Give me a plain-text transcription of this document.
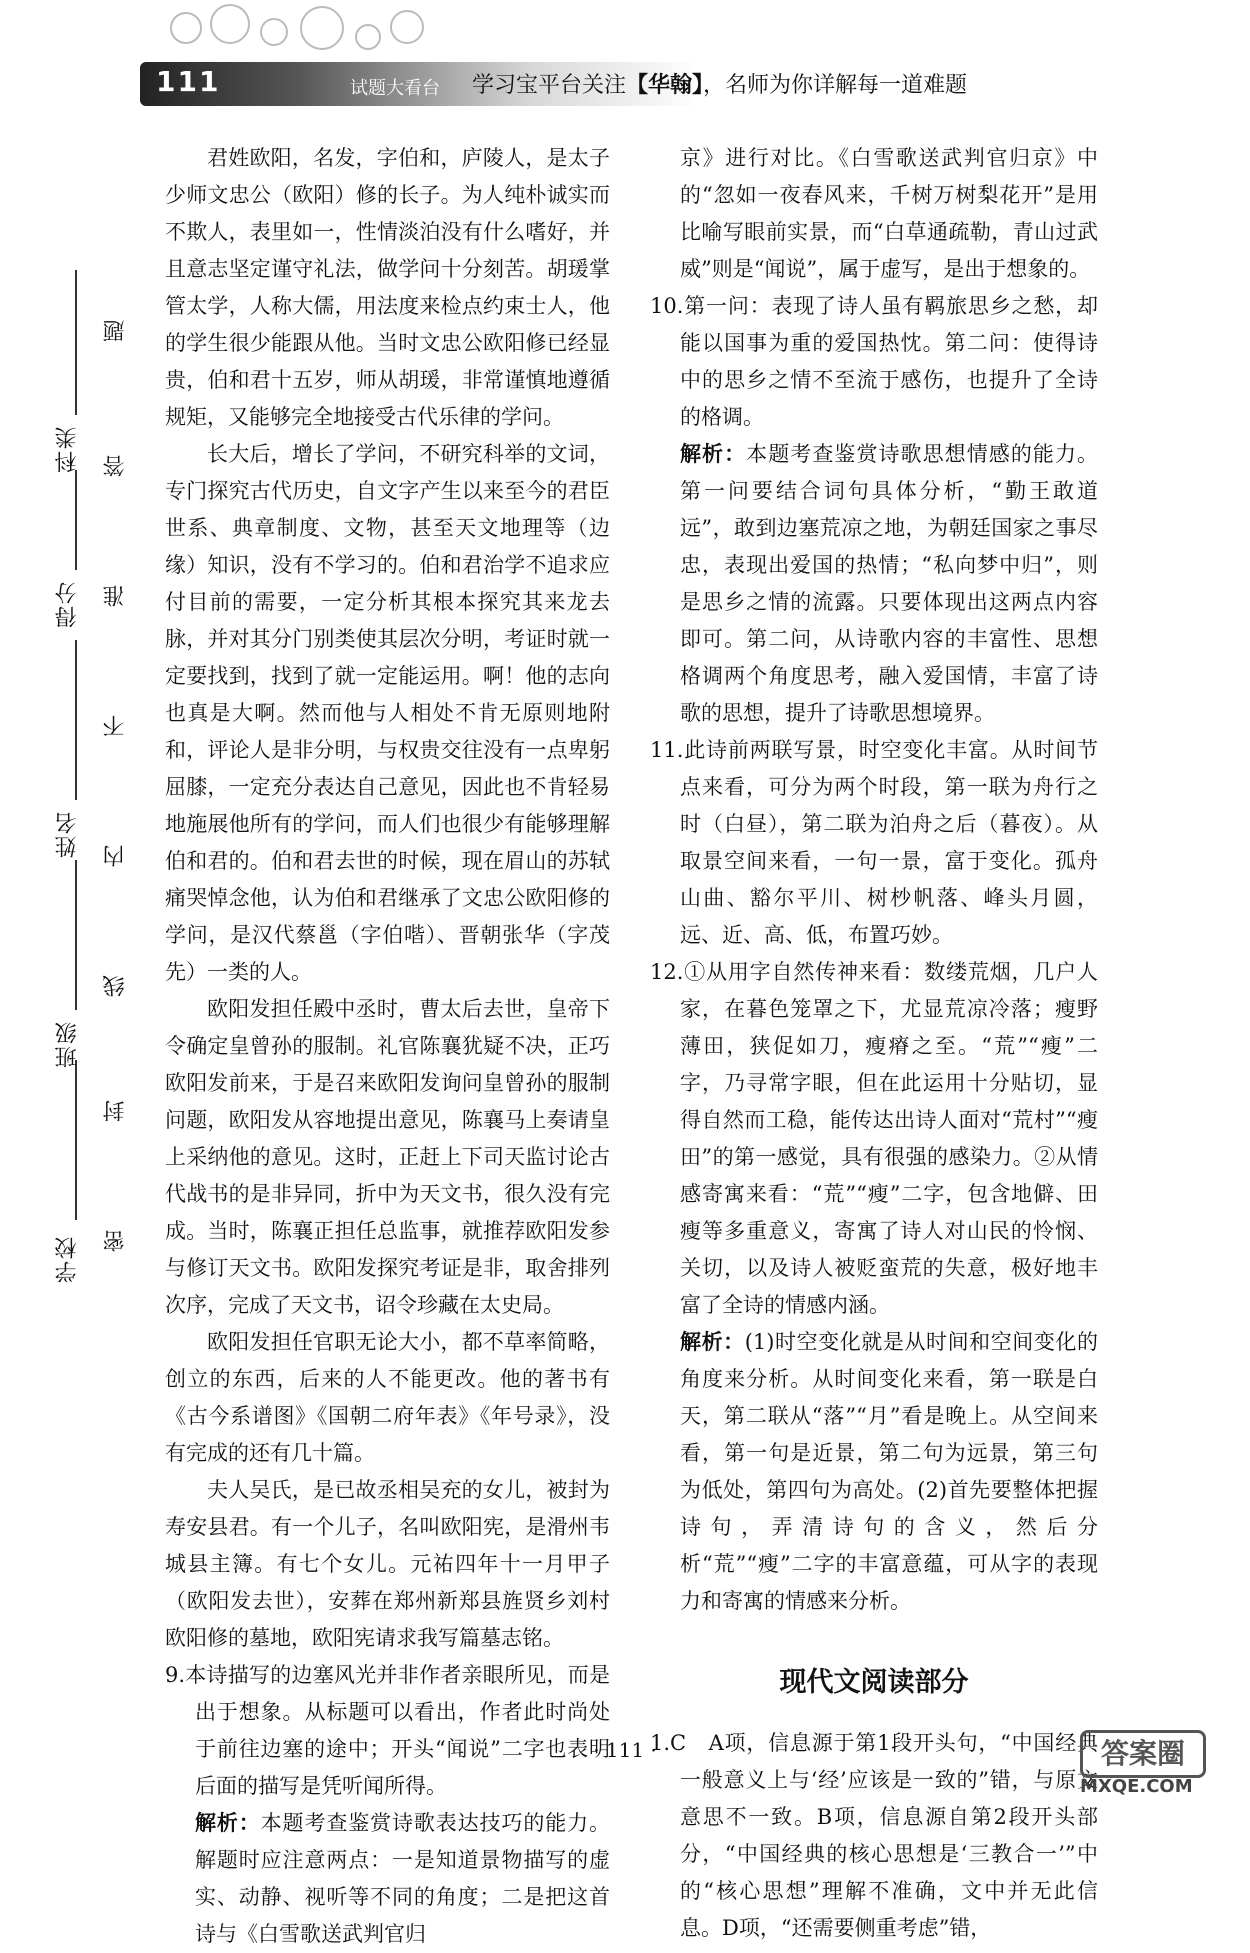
111	试题大看台 学习宝平台关注【华翰】，名师为你详解每一道难题
学校
班级
姓名
得分
科类
密
封
线
内
不
准
答
题

君姓欧阳，名发，字伯和，庐陵人，是太子少师文忠公（欧阳）修的长子。为人纯朴诚实而不欺人，表里如一，性情淡泊没有什么嗜好，并且意志坚定谨守礼法，做学问十分刻苦。胡瑗掌管太学，人称大儒，用法度来检点约束士人，他的学生很少能跟从他。当时文忠公欧阳修已经显贵，伯和君十五岁，师从胡瑗，非常谨慎地遵循规矩，又能够完全地接受古代乐律的学问。

长大后，增长了学问，不研究科举的文词，专门探究古代历史，自文字产生以来至今的君臣世系、典章制度、文物，甚至天文地理等（边缘）知识，没有不学习的。伯和君治学不追求应付目前的需要，一定分析其根本探究其来龙去脉，并对其分门别类使其层次分明，考证时就一定要找到，找到了就一定能运用。啊！他的志向也真是大啊。然而他与人相处不肯无原则地附和，评论人是非分明，与权贵交往没有一点卑躬屈膝，一定充分表达自己意见，因此也不肯轻易地施展他所有的学问，而人们也很少有能够理解伯和君的。伯和君去世的时候，现在眉山的苏轼痛哭悼念他，认为伯和君继承了文忠公欧阳修的学问，是汉代蔡邕（字伯喈）、晋朝张华（字茂先）一类的人。

欧阳发担任殿中丞时，曹太后去世，皇帝下令确定皇曾孙的服制。礼官陈襄犹疑不决，正巧欧阳发前来，于是召来欧阳发询问皇曾孙的服制问题，欧阳发从容地提出意见，陈襄马上奏请皇上采纳他的意见。这时，正赶上下司天监讨论古代战书的是非异同，折中为天文书，很久没有完成。当时，陈襄正担任总监事，就推荐欧阳发参与修订天文书。欧阳发探究考证是非，取舍排列次序，完成了天文书，诏令珍藏在太史局。

欧阳发担任官职无论大小，都不草率简略，创立的东西，后来的人不能更改。他的著书有《古今系谱图》《国朝二府年表》《年号录》，没有完成的还有几十篇。

夫人吴氏，是已故丞相吴充的女儿，被封为寿安县君。有一个儿子，名叫欧阳宪，是滑州韦城县主簿。有七个女儿。元祐四年十一月甲子（欧阳发去世），安葬在郑州新郑县旌贤乡刘村欧阳修的墓地，欧阳宪请求我写篇墓志铭。

9.本诗描写的边塞风光并非作者亲眼所见，而是出于想象。从标题可以看出，作者此时尚处于前往边塞的途中；开头“闻说”二字也表明后面的描写是凭听闻所得。

解析：本题考查鉴赏诗歌表达技巧的能力。解题时应注意两点：一是知道景物描写的虚实、动静、视听等不同的角度；二是把这首诗与《白雪歌送武判官归

京》进行对比。《白雪歌送武判官归京》中的“忽如一夜春风来，千树万树梨花开”是用比喻写眼前实景，而“白草通疏勒，青山过武威”则是“闻说”，属于虚写，是出于想象的。

10.第一问：表现了诗人虽有羁旅思乡之愁，却能以国事为重的爱国热忱。第二问：使得诗中的思乡之情不至流于感伤，也提升了全诗的格调。

解析：本题考查鉴赏诗歌思想情感的能力。第一问要结合词句具体分析，“勤王敢道远”，敢到边塞荒凉之地，为朝廷国家之事尽忠，表现出爱国的热情；“私向梦中归”，则是思乡之情的流露。只要体现出这两点内容即可。第二问，从诗歌内容的丰富性、思想格调两个角度思考，融入爱国情，丰富了诗歌的思想，提升了诗歌思想境界。

11.此诗前两联写景，时空变化丰富。从时间节点来看，可分为两个时段，第一联为舟行之时（白昼），第二联为泊舟之后（暮夜）。从取景空间来看，一句一景，富于变化。孤舟山曲、豁尔平川、树杪帆落、峰头月圆，远、近、高、低，布置巧妙。

12.①从用字自然传神来看：数缕荒烟，几户人家，在暮色笼罩之下，尤显荒凉冷落；瘦野薄田，狭促如刀，瘦瘠之至。“荒”“瘦”二字，乃寻常字眼，但在此运用十分贴切，显得自然而工稳，能传达出诗人面对“荒村”“瘦田”的第一感觉，具有很强的感染力。②从情感寄寓来看：“荒”“瘦”二字，包含地僻、田瘦等多重意义，寄寓了诗人对山民的怜悯、关切，以及诗人被贬蛮荒的失意，极好地丰富了全诗的情感内涵。

解析：(1)时空变化就是从时间和空间变化的角度来分析。从时间变化来看，第一联是白天，第二联从“落”“月”看是晚上。从空间来看，第一句是近景，第二句为远景，第三句为低处，第四句为高处。(2)首先要整体把握诗句，弄清诗句的含义，然后分析“荒”“瘦”二字的丰富意蕴，可从字的表现力和寄寓的情感来分析。

现代文阅读部分

1.C　A项，信息源于第1段开头句，“中国经典一般意义上与‘经’应该是一致的”错，与原文意思不一致。B项，信息源自第2段开头部分，“中国经典的核心思想是‘三教合一’”中的“核心思想”理解不准确，文中并无此信息。D项，“还需要侧重考虑”错，

· 111 ·	答案圈
MXQE.COM
